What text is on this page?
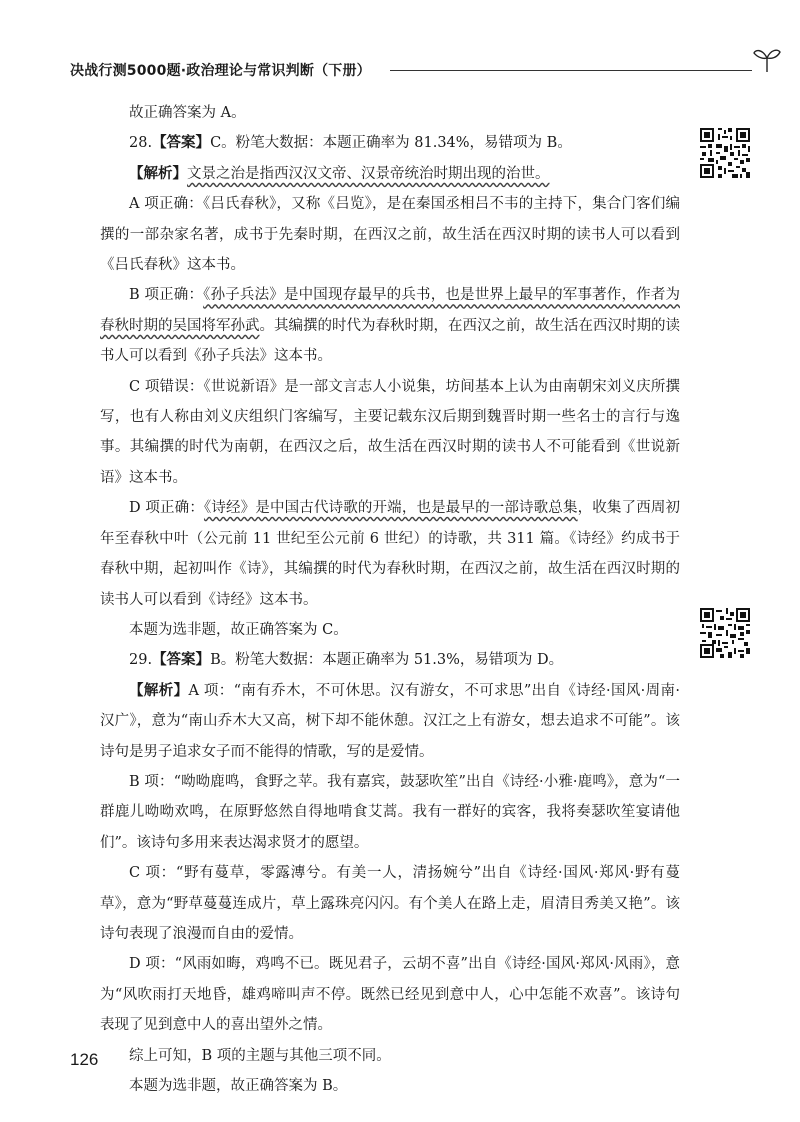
决战行测5000题·政治理论与常识判断（下册）

故正确答案为 A。

28.【答案】C。粉笔大数据：本题正确率为 81.34%，易错项为 B。

【解析】文景之治是指西汉汉文帝、汉景帝统治时期出现的治世。

A 项正确：《吕氏春秋》，又称《吕览》，是在秦国丞相吕不韦的主持下，集合门客们编撰的一部杂家名著，成书于先秦时期，在西汉之前，故生活在西汉时期的读书人可以看到《吕氏春秋》这本书。

B 项正确：《孙子兵法》是中国现存最早的兵书，也是世界上最早的军事著作，作者为春秋时期的吴国将军孙武。其编撰的时代为春秋时期，在西汉之前，故生活在西汉时期的读书人可以看到《孙子兵法》这本书。

C 项错误：《世说新语》是一部文言志人小说集，坊间基本上认为由南朝宋刘义庆所撰写，也有人称由刘义庆组织门客编写，主要记载东汉后期到魏晋时期一些名士的言行与逸事。其编撰的时代为南朝，在西汉之后，故生活在西汉时期的读书人不可能看到《世说新语》这本书。

D 项正确：《诗经》是中国古代诗歌的开端，也是最早的一部诗歌总集，收集了西周初年至春秋中叶（公元前 11 世纪至公元前 6 世纪）的诗歌，共 311 篇。《诗经》约成书于春秋中期，起初叫作《诗》，其编撰的时代为春秋时期，在西汉之前，故生活在西汉时期的读书人可以看到《诗经》这本书。

本题为选非题，故正确答案为 C。

29.【答案】B。粉笔大数据：本题正确率为 51.3%，易错项为 D。

【解析】A 项：“南有乔木，不可休思。汉有游女，不可求思”出自《诗经·国风·周南·汉广》，意为“南山乔木大又高，树下却不能休憩。汉江之上有游女，想去追求不可能”。该诗句是男子追求女子而不能得的情歌，写的是爱情。

B 项：“呦呦鹿鸣，食野之苹。我有嘉宾，鼓瑟吹笙”出自《诗经·小雅·鹿鸣》，意为“一群鹿儿呦呦欢鸣，在原野悠然自得地啃食艾蒿。我有一群好的宾客，我将奏瑟吹笙宴请他们”。该诗句多用来表达渴求贤才的愿望。

C 项：“野有蔓草，零露漙兮。有美一人，清扬婉兮”出自《诗经·国风·郑风·野有蔓草》，意为“野草蔓蔓连成片，草上露珠亮闪闪。有个美人在路上走，眉清目秀美又艳”。该诗句表现了浪漫而自由的爱情。

D 项：“风雨如晦，鸡鸣不已。既见君子，云胡不喜”出自《诗经·国风·郑风·风雨》，意为“风吹雨打天地昏，雄鸡啼叫声不停。既然已经见到意中人，心中怎能不欢喜”。该诗句表现了见到意中人的喜出望外之情。

综上可知，B 项的主题与其他三项不同。

本题为选非题，故正确答案为 B。

126
